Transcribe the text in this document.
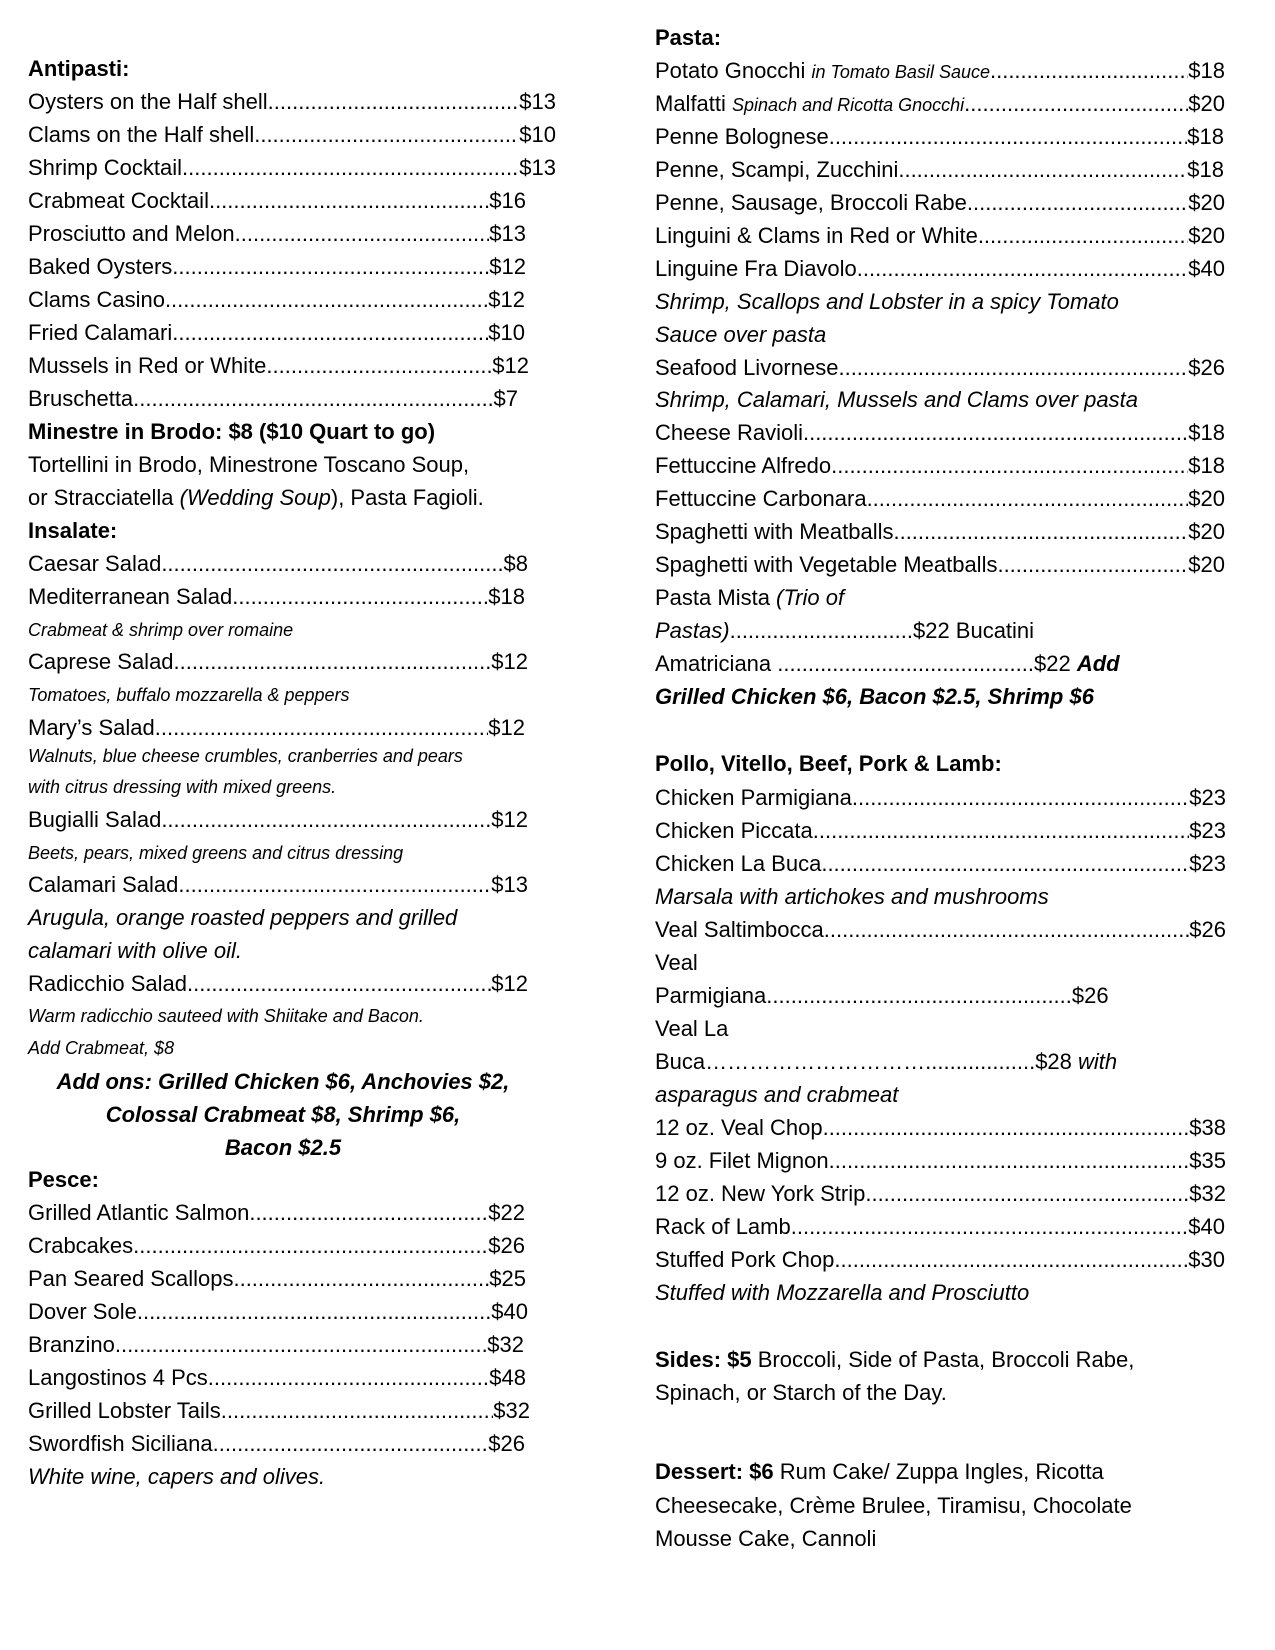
Antipasti:
Oysters on the Half shell .....	$13
Clams on the Half shell .....	$10
Shrimp Cocktail .....	$13
Crabmeat Cocktail .....	$16
Prosciutto and Melon .....	$13
Baked Oysters .....	$12
Clams Casino .....	$12
Fried Calamari .....	$10
Mussels in Red or White .....	$12
Bruschetta .....	$7
Minestre in Brodo: $8 ($10 Quart to go)
Tortellini in Brodo, Minestrone Toscano Soup,
or Stracciatella (Wedding Soup), Pasta Fagioli.
Insalate:
Caesar Salad .....	$8
Mediterranean Salad .....	$18
Crabmeat & shrimp over romaine
Caprese Salad .....	$12
Tomatoes, buffalo mozzarella & peppers
Mary’s Salad .....	$12
Walnuts, blue cheese crumbles, cranberries and pears
with citrus dressing with mixed greens.
Bugialli Salad .....	$12
Beets, pears, mixed greens and citrus dressing
Calamari Salad .....	$13
Arugula, orange roasted peppers and grilled
calamari with olive oil.
Radicchio Salad .....	$12
Warm radicchio sauteed with Shiitake and Bacon.
Add Crabmeat, $8
Add ons: Grilled Chicken $6, Anchovies $2,
Colossal Crabmeat $8, Shrimp $6,
Bacon $2.5
Pesce:
Grilled Atlantic Salmon .....	$22
Crabcakes .....	$26
Pan Seared Scallops .....	$25
Dover Sole .....	$40
Branzino .....	$32
Langostinos 4 Pcs .....	$48
Grilled Lobster Tails .....	$32
Swordfish Siciliana .....	$26
White wine, capers and olives.
Pasta:
Potato Gnocchi in Tomato Basil Sauce .....	$18
Malfatti Spinach and Ricotta Gnocchi .....	$20
Penne Bolognese .....	$18
Penne, Scampi, Zucchini .....	$18
Penne, Sausage, Broccoli Rabe .....	$20
Linguini & Clams in Red or White .....	$20
Linguine Fra Diavolo .....	$40
Shrimp, Scallops and Lobster in a spicy Tomato
Sauce over pasta
Seafood Livornese .....	$26
Shrimp, Calamari, Mussels and Clams over pasta
Cheese Ravioli .....	$18
Fettuccine Alfredo .....	$18
Fettuccine Carbonara .....	$20
Spaghetti with Meatballs .....	$20
Spaghetti with Vegetable Meatballs .....	$20
Pasta Mista (Trio of
Pastas)..............................$22 Bucatini
Amatriciana ..........................................$22 Add
Grilled Chicken $6, Bacon $2.5, Shrimp $6
Pollo, Vitello, Beef, Pork & Lamb:
Chicken Parmigiana .....	$23
Chicken Piccata .....	$23
Chicken La Buca .....	$23
Marsala with artichokes and mushrooms
Veal Saltimbocca .....	$26
Veal
Parmigiana..................................................$26
Veal La
Buca…………………………..................$28 with
asparagus and crabmeat
12 oz. Veal Chop .....	$38
9 oz. Filet Mignon .....	$35
12 oz. New York Strip .....	$32
Rack of Lamb .....	$40
Stuffed Pork Chop .....	$30
Stuffed with Mozzarella and Prosciutto
Sides: $5 Broccoli, Side of Pasta, Broccoli Rabe,
Spinach, or Starch of the Day.
Dessert: $6 Rum Cake/ Zuppa Ingles, Ricotta
Cheesecake, Crème Brulee, Tiramisu, Chocolate
Mousse Cake, Cannoli
